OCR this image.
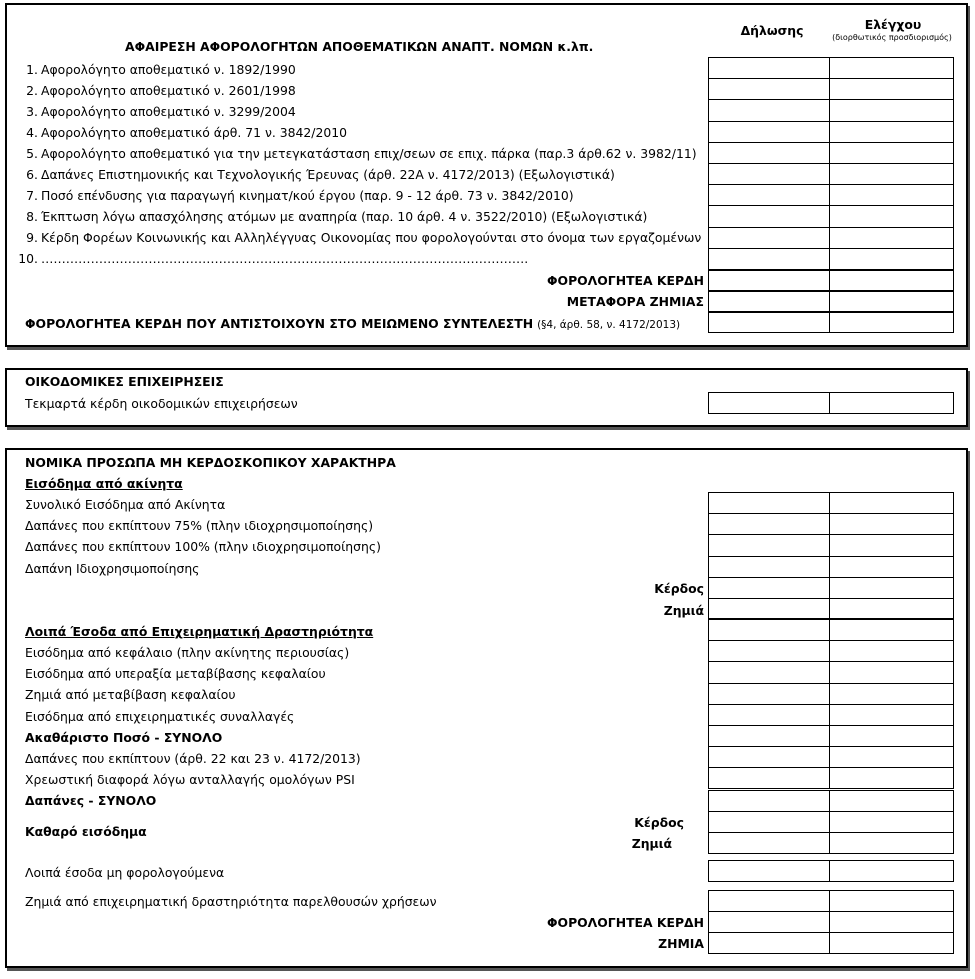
Δήλωσης	Ελέγχου
(διορθωτικός προσδιορισμός)
ΑΦΑΙΡΕΣΗ ΑΦΟΡΟΛΟΓΗΤΩΝ ΑΠΟΘΕΜΑΤΙΚΩΝ ΑΝΑΠΤ. ΝΟΜΩΝ κ.λπ.
1. Αφορολόγητο αποθεματικό ν. 1892/1990
2. Αφορολόγητο αποθεματικό ν. 2601/1998
3. Αφορολόγητο αποθεματικό ν. 3299/2004
4. Αφορολόγητο αποθεματικό άρθ. 71 ν. 3842/2010
5. Αφορολόγητο αποθεματικό για την μετεγκατάσταση επιχ/σεων σε επιχ. πάρκα (παρ.3 άρθ.62 ν. 3982/11)
6. Δαπάνες Επιστημονικής και Τεχνολογικής Έρευνας (άρθ. 22Α ν. 4172/2013) (Εξωλογιστικά)
7. Ποσό επένδυσης για παραγωγή κινηματ/κού έργου (παρ. 9 - 12 άρθ. 73 ν. 3842/2010)
8. Έκπτωση λόγω απασχόλησης ατόμων με αναπηρία (παρ. 10 άρθ. 4 ν. 3522/2010) (Εξωλογιστικά)
9. Κέρδη Φορέων Κοινωνικής και Αλληλέγγυας Οικονομίας που φορολογούνται στο όνομα των εργαζομένων
10. ……………………………………………………………………………………………………….
ΦΟΡΟΛΟΓΗΤΕΑ ΚΕΡΔΗ
ΜΕΤΑΦΟΡΑ ΖΗΜΙΑΣ
ΦΟΡΟΛΟΓΗΤΕΑ ΚΕΡΔΗ ΠΟΥ ΑΝΤΙΣΤΟΙΧΟΥΝ ΣΤΟ ΜΕΙΩΜΕΝΟ ΣΥΝΤΕΛΕΣΤΗ (§4, άρθ. 58, ν. 4172/2013)
ΟΙΚΟΔΟΜΙΚΕΣ ΕΠΙΧΕΙΡΗΣΕΙΣ
Τεκμαρτά κέρδη οικοδομικών επιχειρήσεων
ΝΟΜΙΚΑ ΠΡΟΣΩΠΑ ΜΗ ΚΕΡΔΟΣΚΟΠΙΚΟΥ ΧΑΡΑΚΤΗΡΑ
Εισόδημα από ακίνητα
Συνολικό Εισόδημα από Ακίνητα
Δαπάνες που εκπίπτουν 75% (πλην ιδιοχρησιμοποίησης)
Δαπάνες που εκπίπτουν 100% (πλην ιδιοχρησιμοποίησης)
Δαπάνη Ιδιοχρησιμοποίησης
Κέρδος
Ζημιά
Λοιπά Έσοδα από Επιχειρηματική Δραστηριότητα
Εισόδημα από κεφάλαιο (πλην ακίνητης περιουσίας)
Εισόδημα από υπεραξία μεταβίβασης κεφαλαίου
Ζημιά από μεταβίβαση κεφαλαίου
Εισόδημα από επιχειρηματικές συναλλαγές
Ακαθάριστο Ποσό - ΣΥΝΟΛΟ
Δαπάνες που εκπίπτουν (άρθ. 22 και 23 ν. 4172/2013)
Χρεωστική διαφορά λόγω ανταλλαγής ομολόγων PSI
Δαπάνες - ΣΥΝΟΛΟ
Καθαρό εισόδημα
Κέρδος
Ζημιά
Λοιπά έσοδα μη φορολογούμενα
Ζημιά από επιχειρηματική δραστηριότητα παρελθουσών χρήσεων
ΦΟΡΟΛΟΓΗΤΕΑ ΚΕΡΔΗ
ΖΗΜΙΑ
